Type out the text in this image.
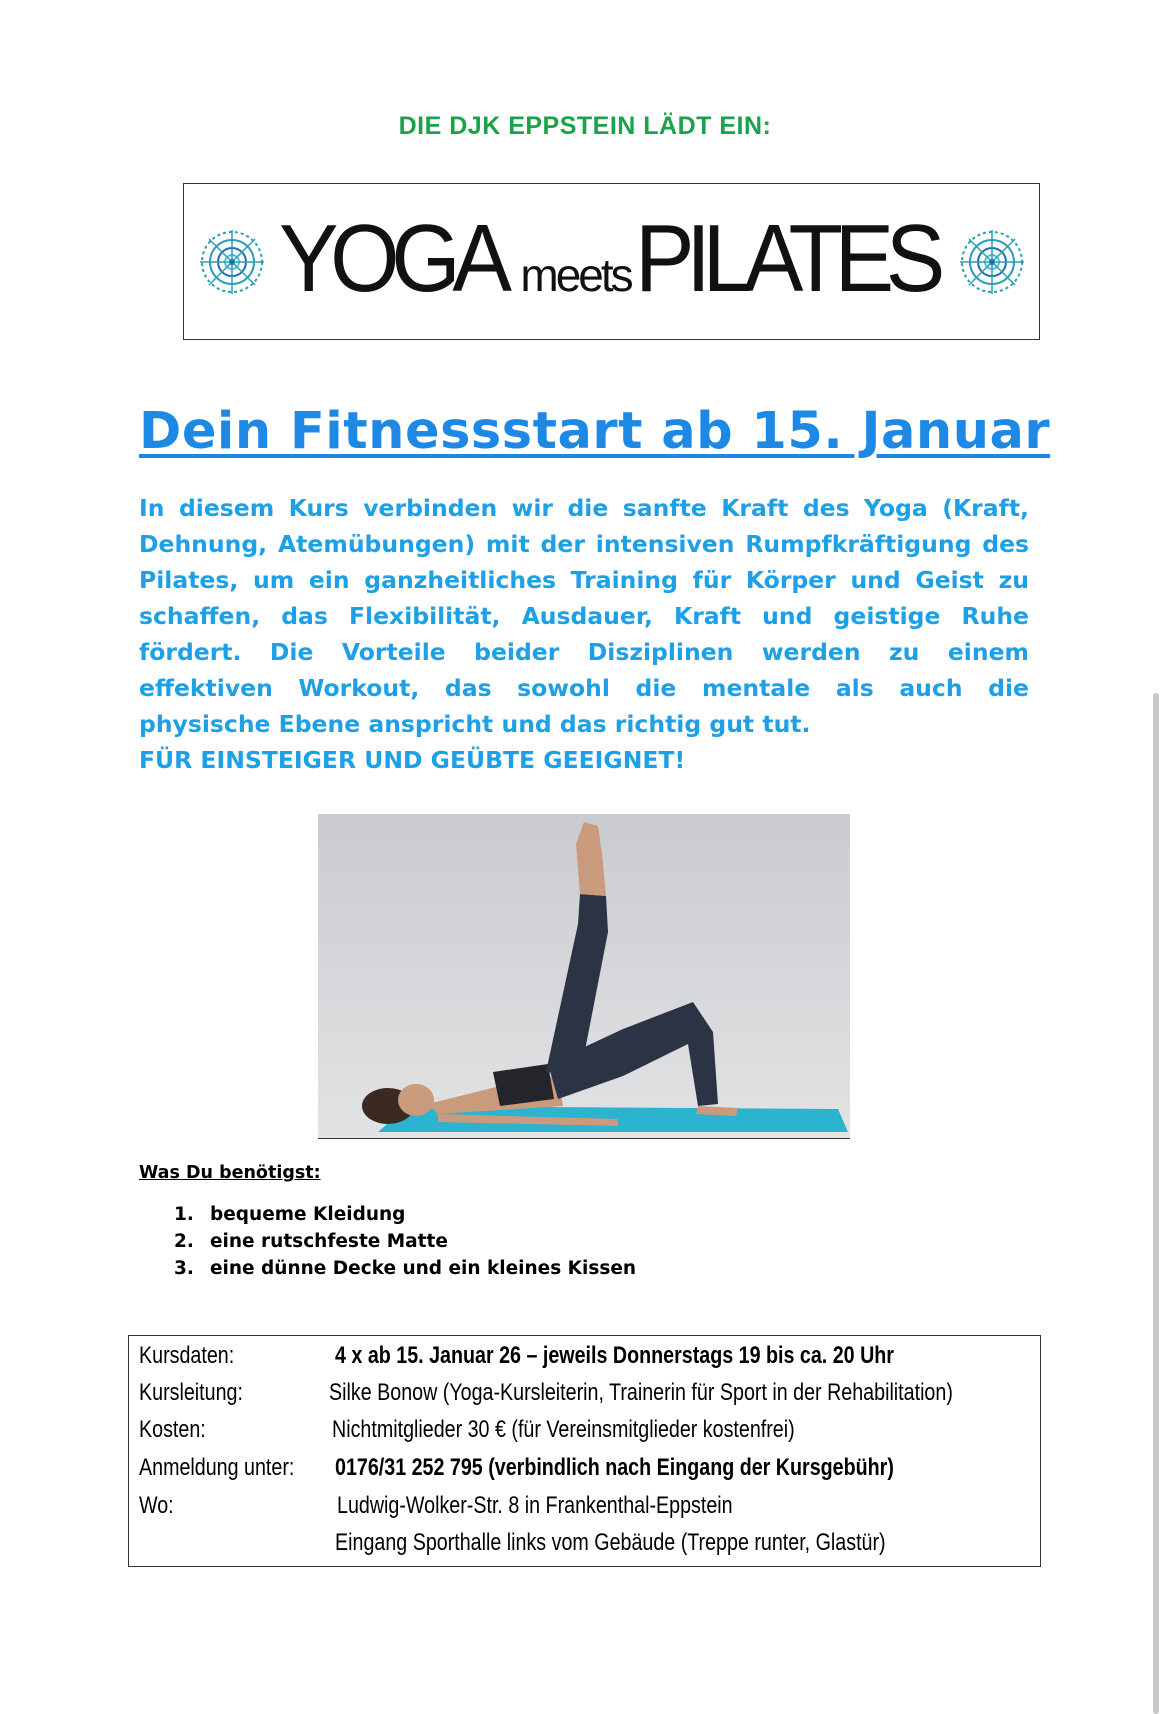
DIE DJK EPPSTEIN LÄDT EIN:
YOGA meets PILATES
Dein Fitnessstart ab 15. Januar

In diesem Kurs verbinden wir die sanfte Kraft des Yoga (Kraft, Dehnung, Atemübungen) mit der intensiven Rumpfkräftigung des Pilates, um ein ganzheitliches Training für Körper und Geist zu schaffen, das Flexibilität, Ausdauer, Kraft und geistige Ruhe fördert. Die Vorteile beider Disziplinen werden zu einem effektiven Workout, das sowohl die mentale als auch die physische Ebene anspricht und das richtig gut tut.
FÜR EINSTEIGER UND GEÜBTE GEEIGNET!

Was Du benötigst:
1. bequeme Kleidung
2. eine rutschfeste Matte
3. eine dünne Decke und ein kleines Kissen
Kursdaten:	4 x ab 15. Januar 26 – jeweils Donnerstags 19 bis ca. 20 Uhr
Kursleitung:	Silke Bonow (Yoga-Kursleiterin, Trainerin für Sport in der Rehabilitation)
Kosten:	Nichtmitglieder 30 € (für Vereinsmitglieder kostenfrei)
Anmeldung unter: 0176/31 252 795 (verbindlich nach Eingang der Kursgebühr)
Wo:	Ludwig-Wolker-Str. 8 in Frankenthal-Eppstein
Eingang Sporthalle links vom Gebäude (Treppe runter, Glastür)
